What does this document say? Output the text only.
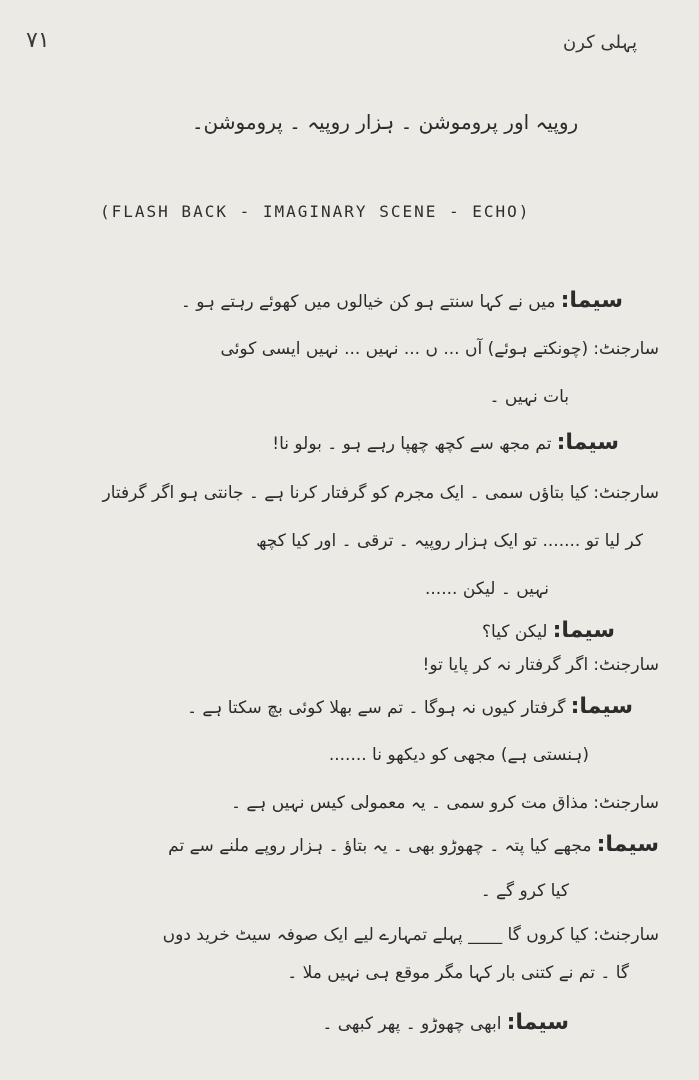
۷۱	پہلی کرن
روپیہ اور پروموشن ۔ ہزار روپیہ ۔ پروموشن۔
(FLASH BACK - IMAGINARY SCENE - ECHO)
سیما: میں نے کہا سنتے ہو کن خیالوں میں کھوئے رہتے ہو ۔
سارجنٹ: (چونکتے ہوئے) آں ... ں ... نہیں ... نہیں ایسی کوئی
بات نہیں ۔
سیما: تم مجھ سے کچھ چھپا رہے ہو ۔ بولو نا!
سارجنٹ: کیا بتاؤں سمی ۔ ایک مجرم کو گرفتار کرنا ہے ۔ جانتی ہو اگر گرفتار
کر لیا تو ....... تو ایک ہزار روپیہ ۔ ترقی ۔ اور کیا کچھ
نہیں ۔ لیکن ......
سیما: لیکن کیا؟
سارجنٹ: اگر گرفتار نہ کر پایا تو!
سیما: گرفتار کیوں نہ ہوگا ۔ تم سے بھلا کوئی بچ سکتا ہے ۔
(ہنستی ہے) مجھی کو دیکھو نا .......
سارجنٹ: مذاق مت کرو سمی ۔ یہ معمولی کیس نہیں ہے ۔
سیما: مجھے کیا پتہ ۔ چھوڑو بھی ۔ یہ بتاؤ ۔ ہزار روپے ملنے سے تم
کیا کرو گے ۔
سارجنٹ: کیا کروں گا ____ پہلے تمہارے لیے ایک صوفہ سیٹ خرید دوں
گا ۔ تم نے کتنی بار کہا مگر موقع ہی نہیں ملا ۔
سیما: ابھی چھوڑو ۔ پھر کبھی ۔
